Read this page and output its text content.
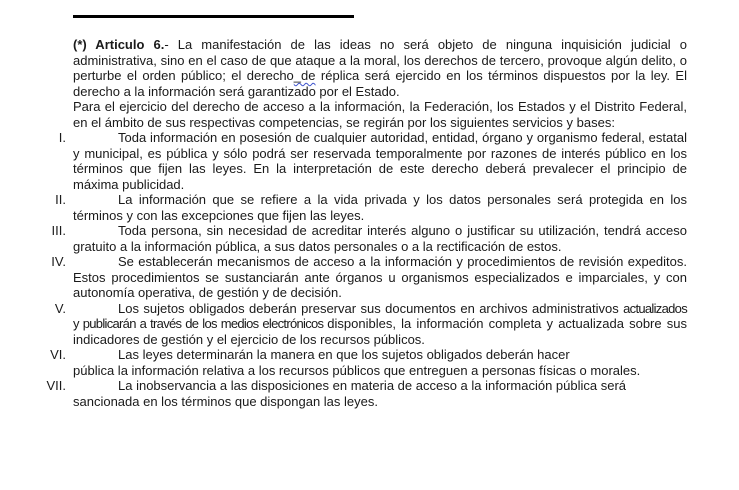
(*) Articulo 6.- La manifestación de las ideas no será objeto de ninguna inquisición judicial o administrativa, sino en el caso de que ataque a la moral, los derechos de tercero, provoque algún delito, o perturbe el orden público; el derecho_de réplica será ejercido en los términos dispuestos por la ley. El derecho a la información será garantizado por el Estado.

Para el ejercicio del derecho de acceso a la información, la Federación, los Estados y el Distrito Federal, en el ámbito de sus respectivas competencias, se regirán por los siguientes servicios y bases:

I.	Toda información en posesión de cualquier autoridad, entidad, órgano y organismo federal, estatal y municipal, es pública y sólo podrá ser reservada temporalmente por razones de interés público en los términos que fijen las leyes. En la interpretación de este derecho deberá prevalecer el principio de máxima publicidad.
II.	La información que se refiere a la vida privada y los datos personales será protegida en los términos y con las excepciones que fijen las leyes.
III.	Toda persona, sin necesidad de acreditar interés alguno o justificar su utilización, tendrá acceso gratuito a la información pública, a sus datos personales o a la rectificación de estos.
IV.	Se establecerán mecanismos de acceso a la información y procedimientos de revisión expeditos. Estos procedimientos se sustanciarán ante órganos u organismos especializados e imparciales, y con autonomía operativa, de gestión y de decisión.
V.	Los sujetos obligados deberán preservar sus documentos en archivos administrativos actualizados y publicarán a través de los medios electrónicos disponibles, la información completa y actualizada sobre sus indicadores de gestión y el ejercicio de los recursos públicos.
VI.	Las leyes determinarán la manera en que los sujetos obligados deberán hacer
pública la información relativa a los recursos públicos que entreguen a personas físicas o morales.
VII.	La inobservancia a las disposiciones en materia de acceso a la información pública será sancionada en los términos que dispongan las leyes.
